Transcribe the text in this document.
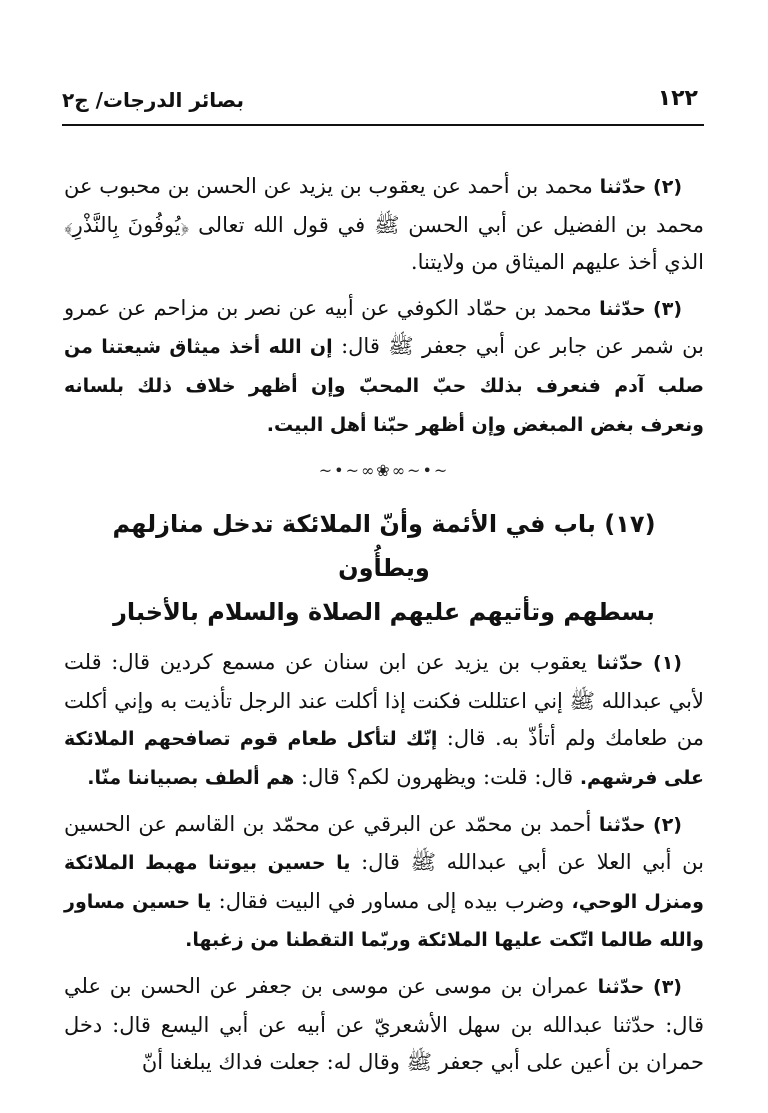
١٢٢
بصائر الدرجات/ ج٢

(٢) حدّثنا محمد بن أحمد عن يعقوب بن يزيد عن الحسن بن محبوب عن محمد بن الفضيل عن أبي الحسن ﷺ في قول الله تعالى ﴿يُوفُونَ بِالنَّذْرِ﴾ الذي أخذ عليهم الميثاق من ولايتنا.

(٣) حدّثنا محمد بن حمّاد الكوفي عن أبيه عن نصر بن مزاحم عن عمرو بن شمر عن جابر عن أبي جعفر ﷺ قال: إن الله أخذ ميثاق شيعتنا من صلب آدم فنعرف بذلك حبّ المحبّ وإن أظهر خلاف ذلك بلسانه ونعرف بغض المبغض وإن أظهر حبّنا أهل البيت.

~•~∞❀∞~•~
(١٧) باب في الأئمة وأنّ الملائكة تدخل منازلهم ويطأُون
بسطهم وتأتيهم عليهم الصلاة والسلام بالأخبار

(١) حدّثنا يعقوب بن يزيد عن ابن سنان عن مسمع كردين قال: قلت لأبي عبدالله ﷺ إني اعتللت فكنت إذا أكلت عند الرجل تأذيت به وإني أكلت من طعامك ولم أتأذّ به. قال: إنّك لتأكل طعام قوم تصافحهم الملائكة على فرشهم. قال: قلت: ويظهرون لكم؟ قال: هم ألطف بصبياننا منّا.

(٢) حدّثنا أحمد بن محمّد عن البرقي عن محمّد بن القاسم عن الحسين بن أبي العلا عن أبي عبدالله ﷺ قال: يا حسين بيوتنا مهبط الملائكة ومنزل الوحي، وضرب بيده إلى مساور في البيت فقال: يا حسين مساور والله طالما اتّكت عليها الملائكة وربّما التقطنا من زغبها.

(٣) حدّثنا عمران بن موسى عن موسى بن جعفر عن الحسن بن علي قال: حدّثنا عبدالله بن سهل الأشعريّ عن أبيه عن أبي اليسع قال: دخل حمران بن أعين على أبي جعفر ﷺ وقال له: جعلت فداك يبلغنا أنّ
